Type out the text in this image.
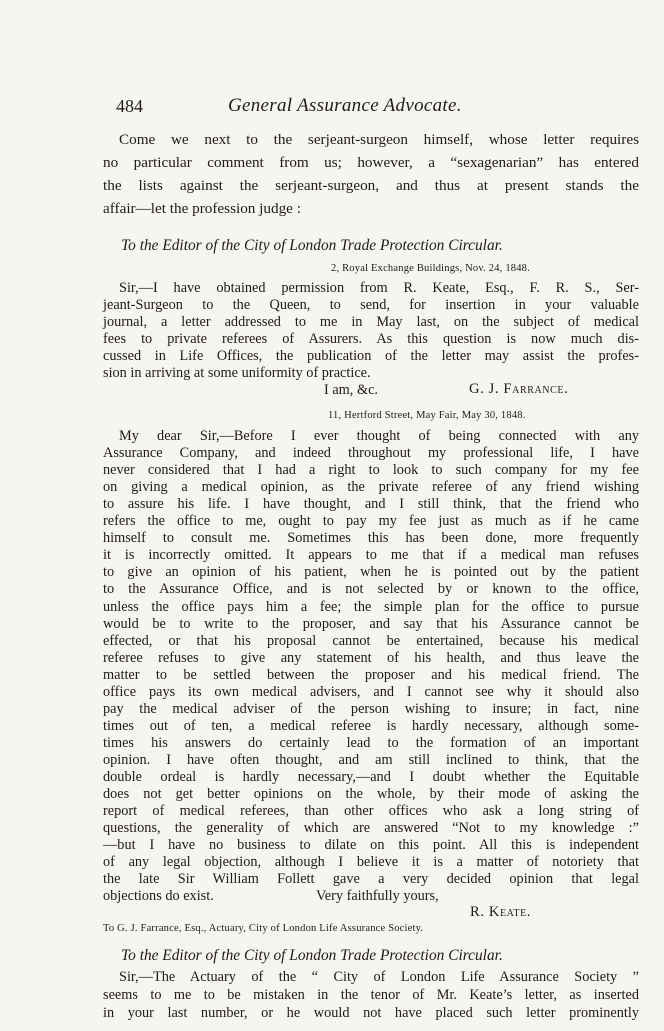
484	General Assurance Advocate.
Come we next to the serjeant-surgeon himself, whose letter requires
no particular comment from us; however, a “sexagenarian” has entered
the lists against the serjeant-surgeon, and thus at present stands the
affair—let the profession judge :
To the Editor of the City of London Trade Protection Circular.
2, Royal Exchange Buildings, Nov. 24, 1848.
Sir,—I have obtained permission from R. Keate, Esq., F. R. S., Ser-
jeant-Surgeon to the Queen, to send, for insertion in your valuable
journal, a letter addressed to me in May last, on the subject of medical
fees to private referees of Assurers. As this question is now much dis-
cussed in Life Offices, the publication of the letter may assist the profes-
sion in arriving at some uniformity of practice.
I am, &c.	G. J. Farrance.
11, Hertford Street, May Fair, May 30, 1848.
My dear Sir,—Before I ever thought of being connected with any
Assurance Company, and indeed throughout my professional life, I have
never considered that I had a right to look to such company for my fee
on giving a medical opinion, as the private referee of any friend wishing
to assure his life. I have thought, and I still think, that the friend who
refers the office to me, ought to pay my fee just as much as if he came
himself to consult me. Sometimes this has been done, more frequently
it is incorrectly omitted. It appears to me that if a medical man refuses
to give an opinion of his patient, when he is pointed out by the patient
to the Assurance Office, and is not selected by or known to the office,
unless the office pays him a fee; the simple plan for the office to pursue
would be to write to the proposer, and say that his Assurance cannot be
effected, or that his proposal cannot be entertained, because his medical
referee refuses to give any statement of his health, and thus leave the
matter to be settled between the proposer and his medical friend. The
office pays its own medical advisers, and I cannot see why it should also
pay the medical adviser of the person wishing to insure; in fact, nine
times out of ten, a medical referee is hardly necessary, although some-
times his answers do certainly lead to the formation of an important
opinion. I have often thought, and am still inclined to think, that the
double ordeal is hardly necessary,—and I doubt whether the Equitable
does not get better opinions on the whole, by their mode of asking the
report of medical referees, than other offices who ask a long string of
questions, the generality of which are answered “Not to my knowledge :”
—but I have no business to dilate on this point. All this is independent
of any legal objection, although I believe it is a matter of notoriety that
the late Sir William Follett gave a very decided opinion that legal
objections do exist.	Very faithfully yours,
R. Keate.
To G. J. Farrance, Esq., Actuary, City of London Life Assurance Society.
To the Editor of the City of London Trade Protection Circular.
Sir,—The Actuary of the “ City of London Life Assurance Society ”
seems to me to be mistaken in the tenor of Mr. Keate’s letter, as inserted
in your last number, or he would not have placed such letter prominently
